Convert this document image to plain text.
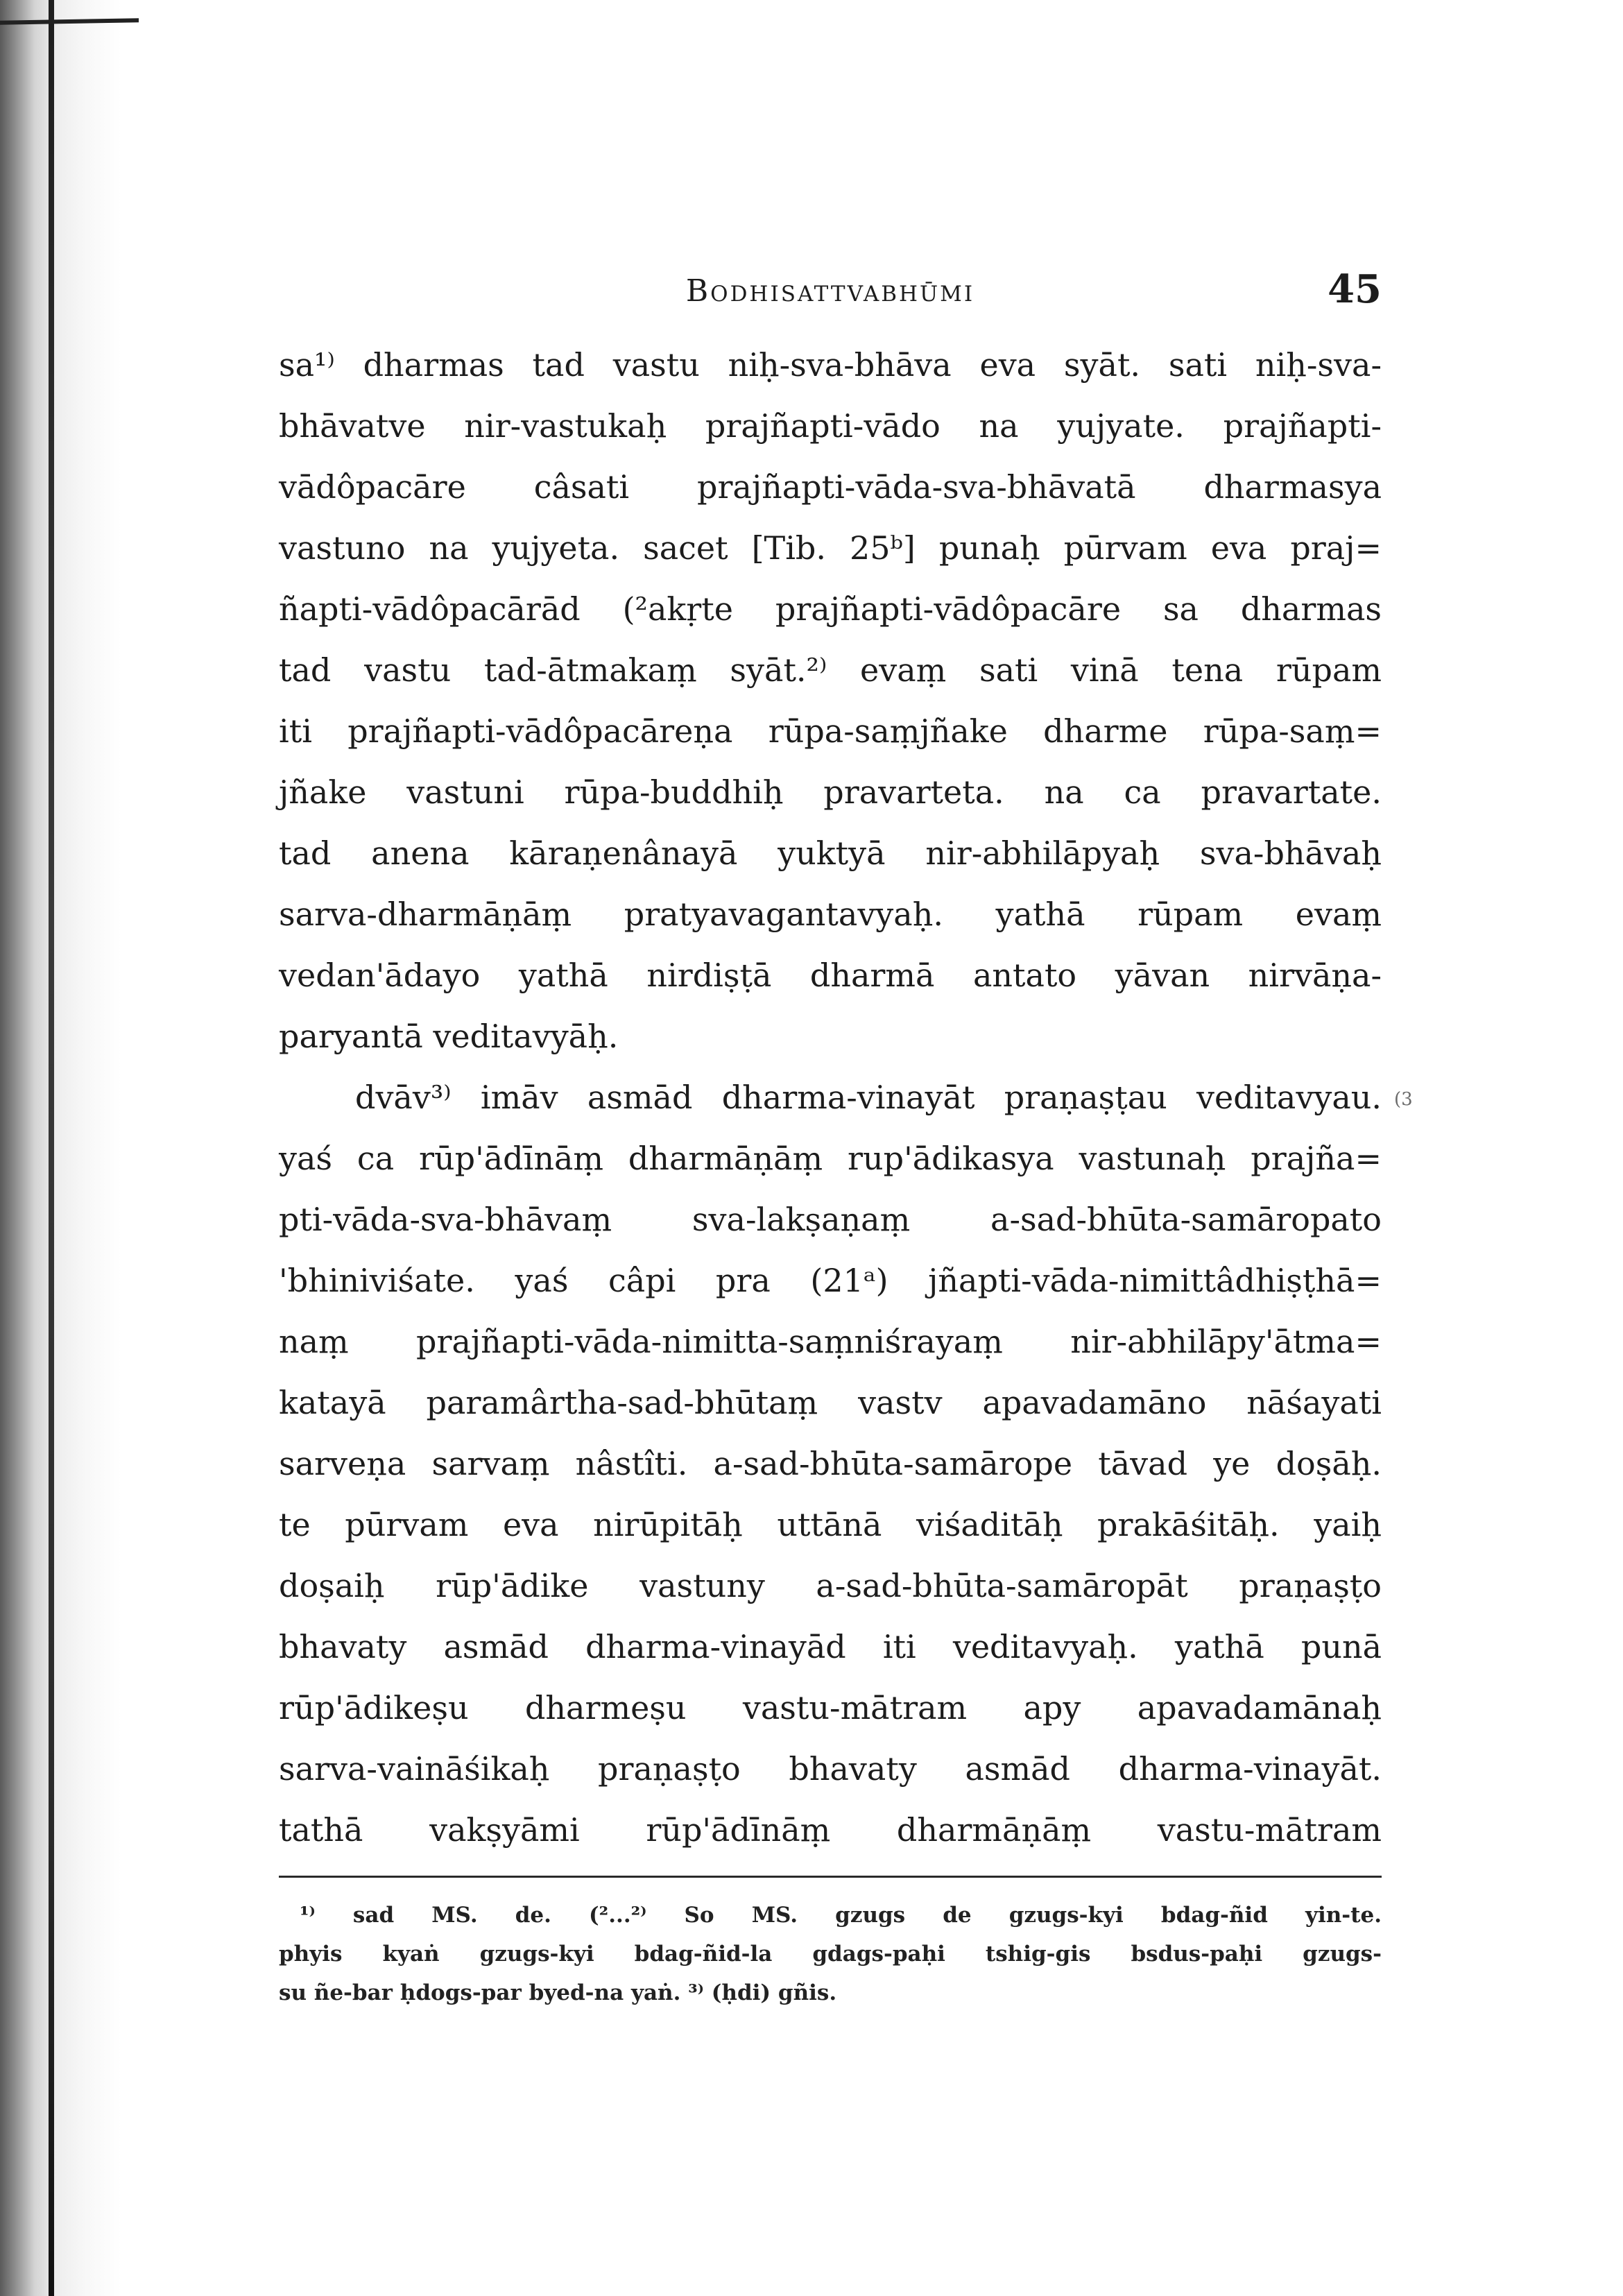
Bodhisattvabhūmi	45
sa¹⁾ dharmas tad vastu niḥ-sva-bhāva eva syāt. sati niḥ-sva-
bhāvatve nir-vastukaḥ prajñapti-vādo na yujyate. prajñapti-
vādôpacāre câsati prajñapti-vāda-sva-bhāvatā dharmasya
vastuno na yujyeta. sacet [Tib. 25ᵇ] punaḥ pūrvam eva praj=
ñapti-vādôpacārād (²akṛte prajñapti-vādôpacāre sa dharmas
tad vastu tad-ātmakaṃ syāt.²⁾ evaṃ sati vinā tena rūpam
iti prajñapti-vādôpacāreṇa rūpa-saṃjñake dharme rūpa-saṃ=
jñake vastuni rūpa-buddhiḥ pravarteta. na ca pravartate.
tad anena kāraṇenânayā yuktyā nir-abhilāpyaḥ sva-bhāvaḥ
sarva-dharmāṇāṃ pratyavagantavyaḥ. yathā rūpam evaṃ
vedan'ādayo yathā nirdiṣṭā dharmā antato yāvan nirvāṇa-
paryantā veditavyāḥ.
dvāv³⁾ imāv asmād dharma-vinayāt praṇaṣṭau veditavyau.
yaś ca rūp'ādīnāṃ dharmāṇāṃ rup'ādikasya vastunaḥ prajña=
pti-vāda-sva-bhāvaṃ sva-lakṣaṇaṃ a-sad-bhūta-samāropato
'bhiniviśate. yaś câpi pra (21ᵃ) jñapti-vāda-nimittâdhiṣṭhā=
naṃ prajñapti-vāda-nimitta-saṃniśrayaṃ nir-abhilāpy'ātma=
katayā paramârtha-sad-bhūtaṃ vastv apavadamāno nāśayati
sarveṇa sarvaṃ nâstîti. a-sad-bhūta-samārope tāvad ye doṣāḥ.
te pūrvam eva nirūpitāḥ uttānā viśaditāḥ prakāśitāḥ. yaiḥ
doṣaiḥ rūp'ādike vastuny a-sad-bhūta-samāropāt praṇaṣṭo
bhavaty asmād dharma-vinayād iti veditavyaḥ. yathā punā
rūp'ādikeṣu dharmeṣu vastu-mātram apy apavadamānaḥ
sarva-vaināśikaḥ praṇaṣṭo bhavaty asmād dharma-vinayāt.
tathā vakṣyāmi rūp'ādīnāṃ dharmāṇāṃ vastu-mātram
¹⁾ sad MS. de. (²...²⁾ So MS. gzugs de gzugs-kyi bdag-ñid yin-te.
phyis kyaṅ gzugs-kyi bdag-ñid-la gdags-paḥi tshig-gis bsdus-paḥi gzugs-
su ñe-bar ḥdogs-par byed-na yaṅ. ³⁾ (ḥdi) gñis.
(3
